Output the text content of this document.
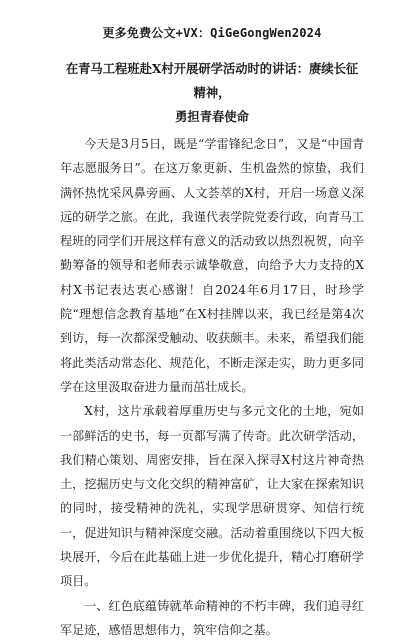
更多免费公文+VX：QiGeGongWen2024
在青马工程班赴X村开展研学活动时的讲话：赓续长征精神，
勇担青春使命

今天是3月5日，既是“学雷锋纪念日”，又是“中国青年志愿服务日”。在这万象更新、生机盎然的惊蛰，我们满怀热忱采风鼻旁画、人文荟萃的X村，开启一场意义深远的研学之旅。在此，我谨代表学院党委行政，向青马工程班的同学们开展这样有意义的活动致以热烈祝贺，向辛勤筹备的领导和老师表示诚挚敬意，向给予大力支持的X村X书记表达衷心感谢！自2024年6月17日，时珍学院“理想信念教育基地”在X村挂牌以来，我已经是第4次到访，每一次都深受触动、收获颇丰。未来，希望我们能将此类活动常态化、规范化，不断走深走实，助力更多同学在这里汲取奋进力量而茁壮成长。

X村，这片承载着厚重历史与多元文化的土地，宛如一部鲜活的史书，每一页都写满了传奇。此次研学活动，我们精心策划、周密安排，旨在深入探寻X村这片神奇热土，挖掘历史与文化交织的精神富矿，让大家在探索知识的同时，接受精神的洗礼，实现学思研贯穿、知信行统一，促进知识与精神深度交融。活动着重围绕以下四大板块展开，今后在此基础上进一步优化提升，精心打磨研学项目。

一、红色底蕴铸就革命精神的不朽丰碑，我们追寻红军足迹，感悟思想伟力，筑牢信仰之基。
